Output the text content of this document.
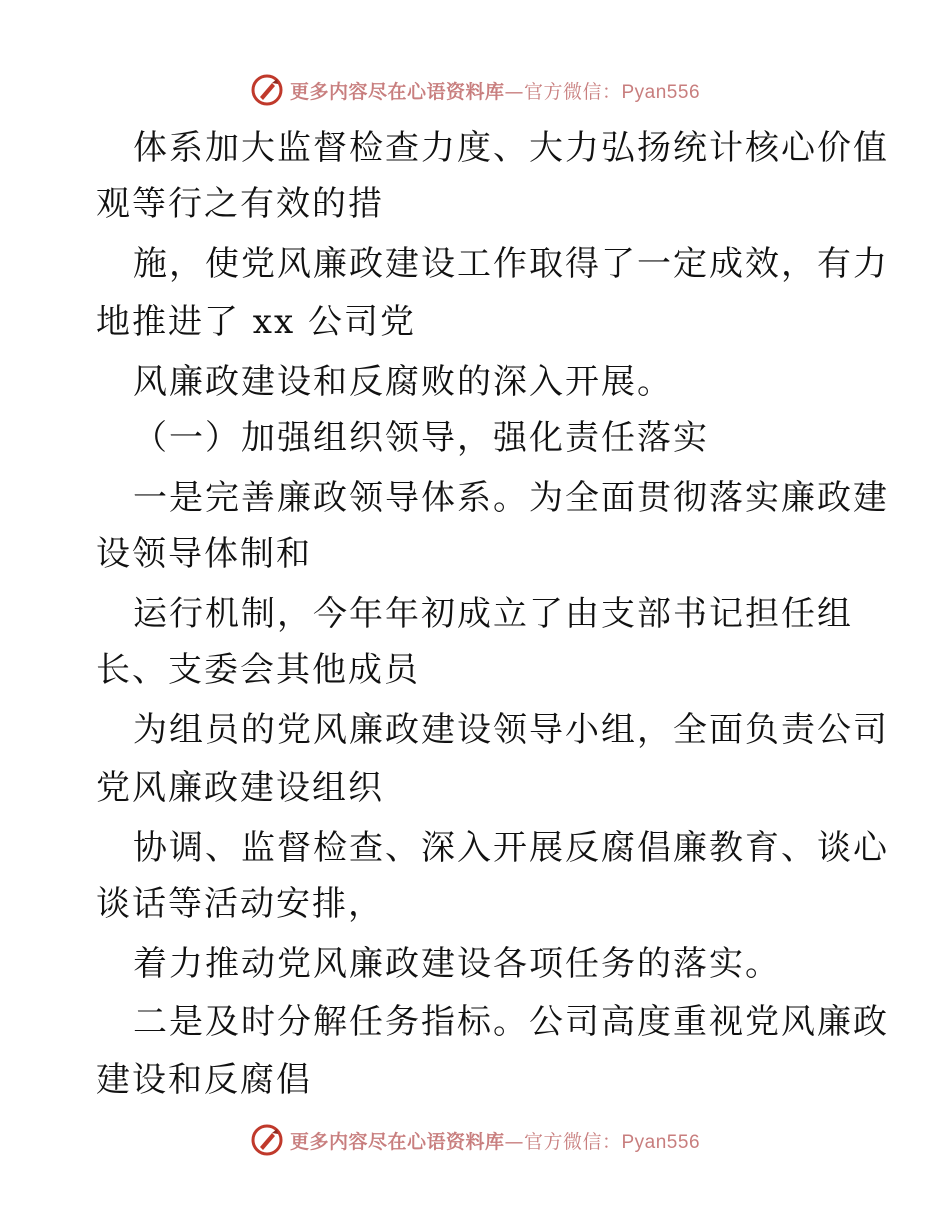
更多内容尽在心语资料库—官方微信：Pyan556
体系加大监督检查力度、大力弘扬统计核心价值
观等行之有效的措
施，使党风廉政建设工作取得了一定成效，有力
地推进了 xx 公司党
风廉政建设和反腐败的深入开展。
（一）加强组织领导，强化责任落实
一是完善廉政领导体系。为全面贯彻落实廉政建
设领导体制和
运行机制，今年年初成立了由支部书记担任组
长、支委会其他成员
为组员的党风廉政建设领导小组，全面负责公司
党风廉政建设组织
协调、监督检查、深入开展反腐倡廉教育、谈心
谈话等活动安排，
着力推动党风廉政建设各项任务的落实。
二是及时分解任务指标。公司高度重视党风廉政
建设和反腐倡
更多内容尽在心语资料库—官方微信：Pyan556
